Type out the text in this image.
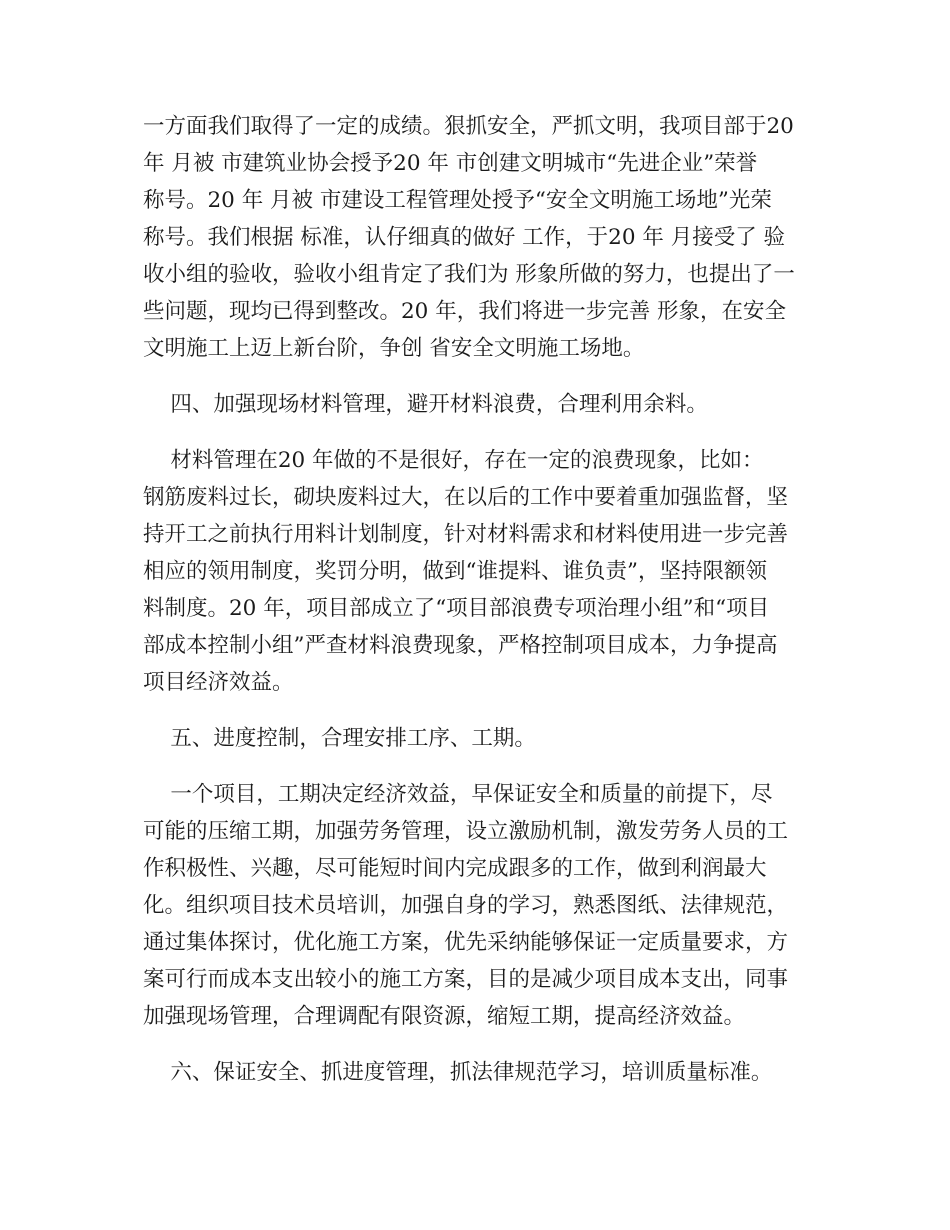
一方面我们取得了一定的成绩。狠抓安全，严抓文明，我项目部于20
年 月被 市建筑业协会授予20 年 市创建文明城市“先进企业”荣誉
称号。20 年 月被 市建设工程管理处授予“安全文明施工场地”光荣
称号。我们根据 标准，认仔细真的做好 工作，于20 年 月接受了 验
收小组的验收，验收小组肯定了我们为 形象所做的努力，也提出了一
些问题，现均已得到整改。20 年，我们将进一步完善 形象，在安全
文明施工上迈上新台阶，争创 省安全文明施工场地。
四、加强现场材料管理，避开材料浪费，合理利用余料。
材料管理在20 年做的不是很好，存在一定的浪费现象，比如：
钢筋废料过长，砌块废料过大，在以后的工作中要着重加强监督，坚
持开工之前执行用料计划制度，针对材料需求和材料使用进一步完善
相应的领用制度，奖罚分明，做到“谁提料、谁负责”，坚持限额领
料制度。20 年，项目部成立了“项目部浪费专项治理小组”和“项目
部成本控制小组”严查材料浪费现象，严格控制项目成本，力争提高
项目经济效益。
五、进度控制，合理安排工序、工期。
一个项目，工期决定经济效益，早保证安全和质量的前提下，尽
可能的压缩工期，加强劳务管理，设立激励机制，激发劳务人员的工
作积极性、兴趣，尽可能短时间内完成跟多的工作，做到利润最大
化。组织项目技术员培训，加强自身的学习，熟悉图纸、法律规范，
通过集体探讨，优化施工方案，优先采纳能够保证一定质量要求，方
案可行而成本支出较小的施工方案，目的是减少项目成本支出，同事
加强现场管理，合理调配有限资源，缩短工期，提高经济效益。
六、保证安全、抓进度管理，抓法律规范学习，培训质量标准。
